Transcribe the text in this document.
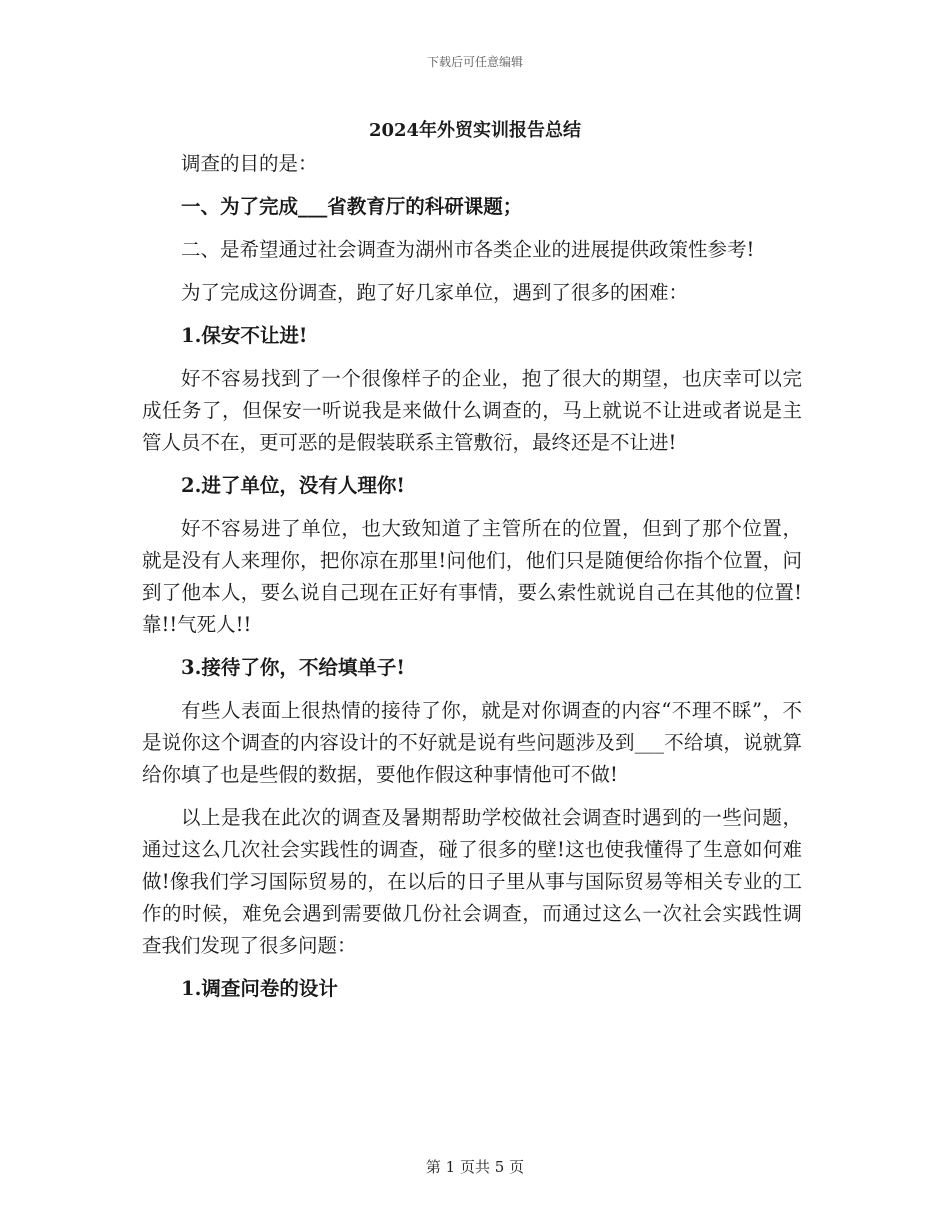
下载后可任意编辑
2024年外贸实训报告总结

调查的目的是：

一、为了完成___省教育厅的科研课题；

二、是希望通过社会调查为湖州市各类企业的进展提供政策性参考!

为了完成这份调查，跑了好几家单位，遇到了很多的困难：

1.保安不让进!

好不容易找到了一个很像样子的企业，抱了很大的期望，也庆幸可以完成任务了，但保安一听说我是来做什么调查的，马上就说不让进或者说是主管人员不在，更可恶的是假装联系主管敷衍，最终还是不让进!

2.进了单位，没有人理你!

好不容易进了单位，也大致知道了主管所在的位置，但到了那个位置，就是没有人来理你，把你凉在那里!问他们，他们只是随便给你指个位置，问到了他本人，要么说自己现在正好有事情，要么索性就说自己在其他的位置!靠!!气死人!!

3.接待了你，不给填单子!

有些人表面上很热情的接待了你，就是对你调查的内容“不理不睬”，不是说你这个调查的内容设计的不好就是说有些问题涉及到___不给填，说就算给你填了也是些假的数据，要他作假这种事情他可不做!

以上是我在此次的调查及暑期帮助学校做社会调查时遇到的一些问题，通过这么几次社会实践性的调查，碰了很多的壁!这也使我懂得了生意如何难做!像我们学习国际贸易的，在以后的日子里从事与国际贸易等相关专业的工作的时候，难免会遇到需要做几份社会调查，而通过这么一次社会实践性调查我们发现了很多问题：

1.调查问卷的设计

第 1 页共 5 页
